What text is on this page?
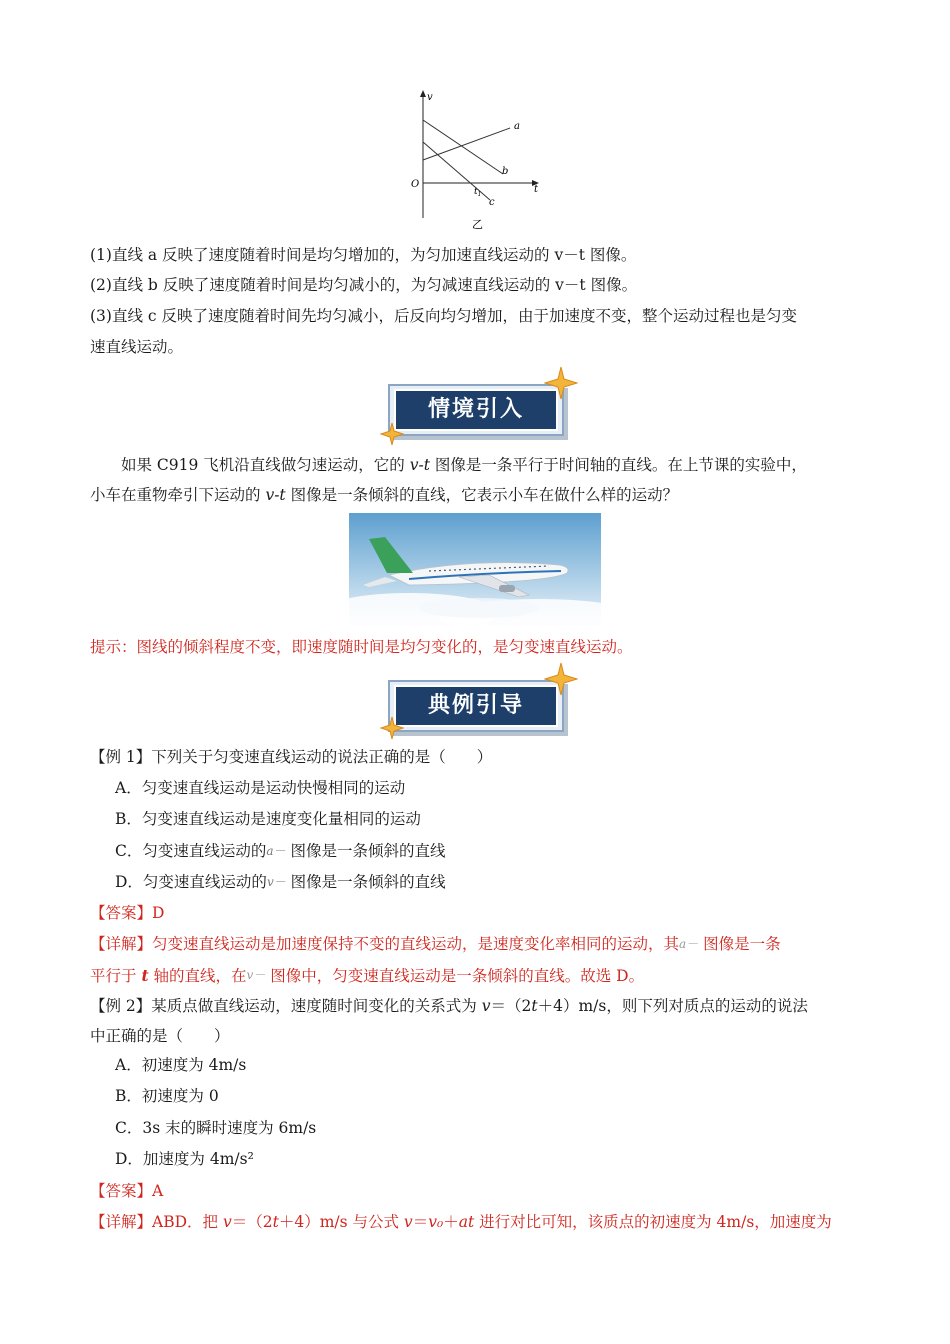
v
t
O
$t_1$
a
b
c
乙

(1)直线 a 反映了速度随着时间是均匀增加的，为匀加速直线运动的 v－t 图像。

(2)直线 b 反映了速度随着时间是均匀减小的，为匀减速直线运动的 v－t 图像。

(3)直线 c 反映了速度随着时间先均匀减小，后反向均匀增加，由于加速度不变，整个运动过程也是匀变

速直线运动。

情境引入

如果 C919 飞机沿直线做匀速运动，它的 v-t 图像是一条平行于时间轴的直线。在上节课的实验中，

小车在重物牵引下运动的 v-t 图像是一条倾斜的直线，它表示小车在做什么样的运动？

提示：图线的倾斜程度不变，即速度随时间是均匀变化的，是匀变速直线运动。

典例引导

【例 1】下列关于匀变速直线运动的说法正确的是（　　）

A．匀变速直线运动是运动快慢相同的运动

B．匀变速直线运动是速度变化量相同的运动

C．匀变速直线运动的$^{a-}$ 图像是一条倾斜的直线

D．匀变速直线运动的$^{v-}$ 图像是一条倾斜的直线

【答案】D

【详解】匀变速直线运动是加速度保持不变的直线运动，是速度变化率相同的运动，其$^{a-}$ 图像是一条

平行于 t 轴的直线，在$^{v-}$ 图像中，匀变速直线运动是一条倾斜的直线。故选 D。

【例 2】某质点做直线运动，速度随时间变化的关系式为 v＝（2t＋4）m/s，则下列对质点的运动的说法

中正确的是（　　）

A．初速度为 4m/s

B．初速度为 0

C．3s 末的瞬时速度为 6m/s

D．加速度为 4m/s²

【答案】A

【详解】ABD．把 v＝（2t＋4）m/s 与公式 v＝v₀＋at 进行对比可知，该质点的初速度为 4m/s，加速度为
